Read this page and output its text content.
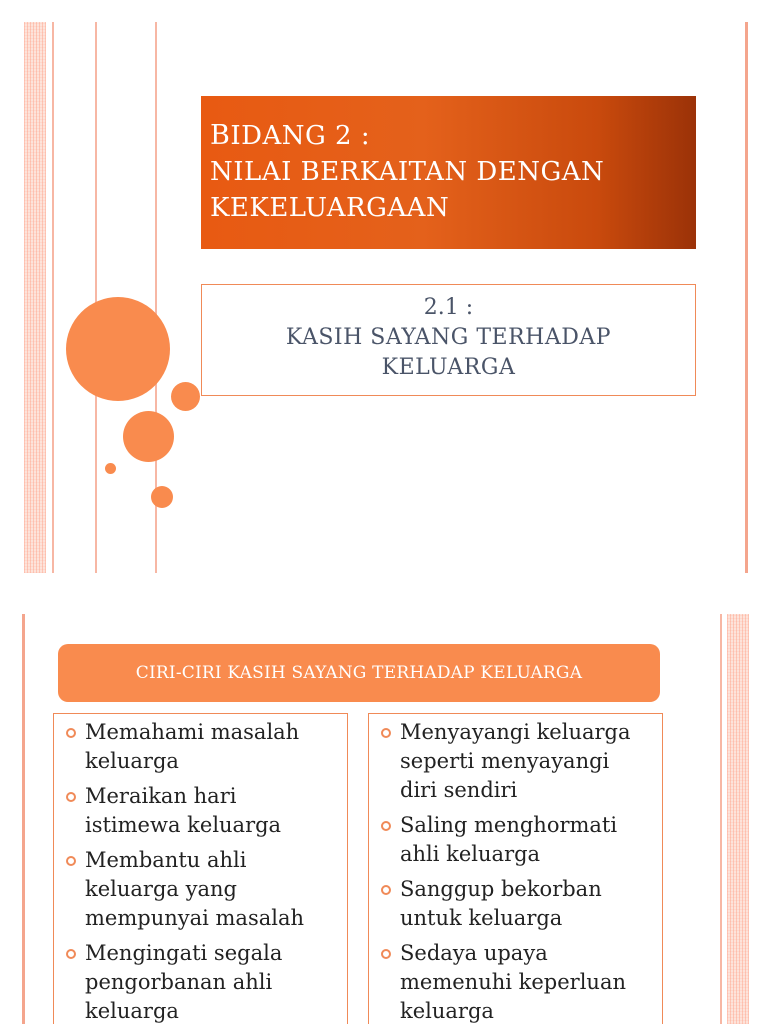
BIDANG 2 :
NILAI BERKAITAN DENGAN
KEKELUARGAAN
2.1 :
KASIH SAYANG TERHADAP
KELUARGA
CIRI-CIRI KASIH SAYANG TERHADAP KELUARGA
Memahami masalah
keluarga
Meraikan hari
istimewa keluarga
Membantu ahli
keluarga yang
mempunyai masalah
Mengingati segala
pengorbanan ahli
keluarga
Menyayangi keluarga
seperti menyayangi
diri sendiri
Saling menghormati
ahli keluarga
Sanggup bekorban
untuk keluarga
Sedaya upaya
memenuhi keperluan
keluarga
